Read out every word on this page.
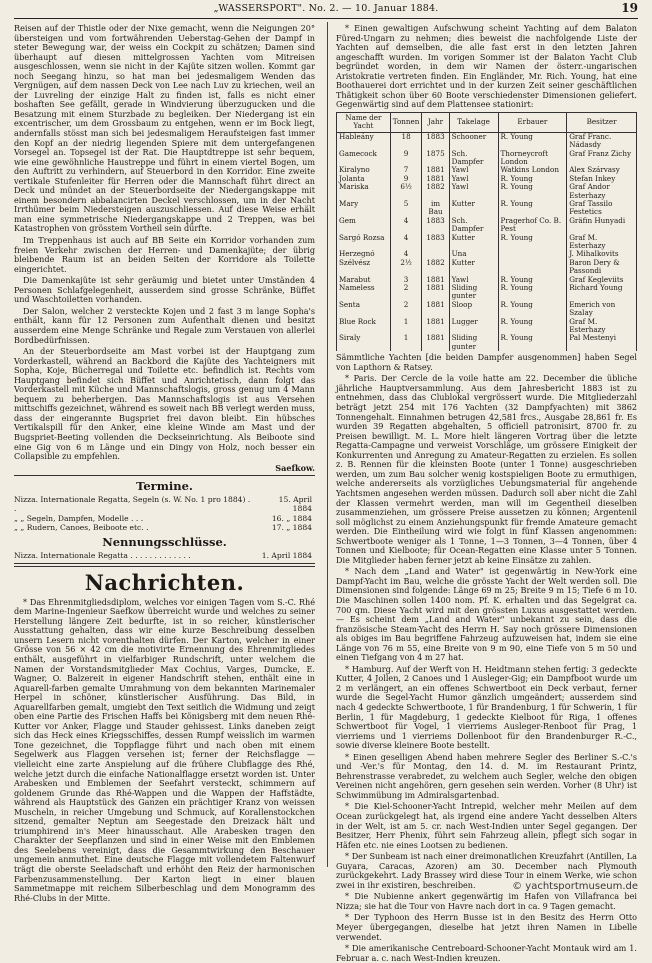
„WASSERSPORT". No. 2. — 10. Januar 1884.	19

Reisen auf der Thistle oder der Nixe gemacht, wenn die Neigungen 20° übersteigen und vom fortwährenden Ueberstag-Gehen der Dampf in steter Bewegung war, der weiss ein Cockpit zu schätzen; Damen sind überhaupt auf diesen mittelgrossen Yachten vom Mitreisen ausgeschlossen, wenn sie nicht in der Kajüte sitzen wollen. Kommt gar noch Seegang hinzu, so hat man bei jedesmaligem Wenden das Vergnügen, auf dem nassen Deck von Lee nach Luv zu kriechen, weil an der Luvreling der einzige Halt zu finden ist, falls es nicht einer boshaften See gefällt, gerade in Windvierung überzugucken und die Besatzung mit einem Sturzbade zu begleiken. Der Niedergang ist ein excentrischer, um dem Grossbaum zu entgehen, wenn er im Bock liegt, andernfalls stösst man sich bei jedesmaligem Heraufsteigen fast immer den Kopf an der niedrig liegenden Spiere mit dem untergefangenen Vorsegel an. Topsegel ist der Rat. Die Hauptdtreppe ist sehr bequem, wie eine gewöhnliche Haustreppe und führt in einem viertel Bogen, um den Auftritt zu verhindern, auf Steuerbord in den Korridor. Eine zweite vertikale Stufenleiter für Herren oder die Mannschaft führt direct an Deck und mündet an der Steuerbordseite der Niedergangskappe mit einem besondern abbalancirten Deckel verschlossen, um in der Nacht Irrthümer beim Niedersteigen auszuschliessen. Auf diese Weise erhält man eine symmetrische Niedergangskappe und 2 Treppen, was bei Katastrophen von grösstem Vortheil sein dürfte.

Im Treppenhaus ist auch auf BB Seite ein Korridor vorhanden zum freien Verkehr zwischen der Herren- und Damenkajüte; der übrig bleibende Raum ist an beiden Seiten der Korridore als Toilette eingerichtet.

Die Damenkajüte ist sehr geräumig und bietet unter Umständen 4 Personen Schlafgelegenheit, ausserdem sind grosse Schränke, Büffet und Waschtoiletten vorhanden.

Der Salon, welcher 2 versteckte Kojen und 2 fast 3 m lange Sopha's enthält, kann für 12 Personen zum Aufenthalt dienen und besitzt ausserdem eine Menge Schränke und Regale zum Verstauen von allerlei Bordbedürfnissen.

An der Steuerbordseite am Mast vorbei ist der Hauptgang zum Vorderkastell, während an Backbord die Kajüte des Yachteigners mit Sopha, Koje, Bücherregal und Toilette etc. befindlich ist. Rechts vom Hauptgang befindet sich Büffet und Anrichtetisch, dann folgt das Vorderkastell mit Küche und Mannschaftslogis, gross genug um 4 Mann bequem zu beherbergen. Das Mannschaftslogis ist aus Versehen mittschiffs gezeichnet, während es soweit nach BB verlegt werden muss, dass der eingerannte Bugspriet frei davon bleibt. Ein hübsches Vertikalspill für den Anker, eine kleine Winde am Mast und der Bugspriet-Beeting vollenden die Deckseinrichtung. Als Beiboote sind eine Gig von 6 m Länge und ein Dingy von Holz, noch besser ein Collapsible zu empfehlen.

Saefkow.

Termine.
Nizza. Internationale Regatta, Segeln (s. W. No. 1 pro 1884) . .	15. April 1884
„ „ Segeln, Dampfen, Modelle . . .	16. „ 1884
„ „ Rudern, Canoes, Beiboote etc. .	17. „ 1884
Nennungsschlüsse.
Nizza. Internationale Regatta . . . . . . . . . . . . .	1. April 1884
Nachrichten.

* Das Ehrenmitgliedsdiplom, welches vor einigen Tagen vom S.-C. Rhé dem Marine-Ingenieur Saefkow überreicht wurde und welches zu seiner Herstellung längere Zeit bedurfte, ist in so reicher, künstlerischer Ausstattung gehalten, dass wir eine kurze Beschreibung desselben unsern Lesern nicht vorenthalten dürfen. Der Karton, welcher in einer Grösse von 56 × 42 cm die motivirte Ernennung des Ehrenmitgliedes enthält, ausgeführt in vielfarbiger Rundschrift, unter welchem die Namen der Vorstandsmitglieder Max Cochius, Varges, Dumcke, E. Wagner, O. Balzereit in eigener Handschrift stehen, enthält eine in Aquarell-farben gemalte Umrahmung von dem bekannten Marinemaler Herpel in schöner, künstlerischer Ausführung. Das Bild, in Aquarellfarben gemalt, umgiebt den Text seitlich die Widmung und zeigt oben eine Partie des Frischen Haffs bei Königsberg mit dem neuen Rhé-Kutter vor Anker, Flagge und Stauder gehissest. Links daneben zeigt sich das Heck eines Kriegsschiffes, dessen Rumpf weisslich im warmen Tone gezeichnet, die Toppflagge führt und nach oben mit einem Segelwerk aus Flaggen versehen ist; ferner der Reichsflagge — vielleicht eine zarte Anspielung auf die frühere Clubflagge des Rhé, welche jetzt durch die einfache Nationalflagge ersetzt worden ist. Unter Arabesken und Emblemen der Seefahrt versteckt, schimmern auf goldenem Grunde das Rhé-Wappen und die Wappen der Haffstädte, während als Hauptstück des Ganzen ein prächtiger Kranz von weissen Muscheln, in reicher Umgebung und Schmuck, auf Korallenstockchen sitzend, gemalter Neptun am Seegestade den Dreizack hält und triumphirend in's Meer hinausschaut. Alle Arabesken tragen den Charakter der Seepflanzen und sind in einer Weise mit den Emblemen des Seelebens vereinigt, dass die Gesammtwirkung den Beschauer ungemein anmuthet. Eine deutsche Flagge mit vollendetem Faltenwurf trägt die oberste Seeladschaft und erhöht den Reiz der harmonischen Farbenzusammenstellung. Der Karton liegt in einer blauen Sammetmappe mit reichem Silberbeschlag und dem Monogramm des Rhé-Clubs in der Mitte.

* Einen gewaltigen Aufschwung scheint Yachting auf dem Balaton Füred-Ungarn zu nehmen; dies beweist die nachfolgende Liste der Yachten auf demselben, die alle fast erst in den letzten Jahren angeschafft wurden. Im vorigen Sommer ist der Balaton Yacht Club begründet worden, in dem wir Namen der österr.-ungarischen Aristokratie vertreten finden. Ein Engländer, Mr. Rich. Young, hat eine Boothauerei dort errichtet und in der kurzen Zeit seiner geschäftlichen Thätigkeit schon über 60 Boote verschiedenster Dimensionen geliefert. Gegenwärtig sind auf dem Plattensee stationirt:

Name der Yacht	Tonnen	Jahr	Takelage	Erbauer	Besitzer
Hableány	18	1883	Schooner	R. Young	Graf Franc. Nádasdy
Gamecock	9	1875	Sch. Dampfer	Thorneycroft London	Graf Franz Zichy
Kiralyno	7	1881	Yawl	Watkins London	Alex Szárvasy
Jolanta	9	1881	Yawl	R. Young	Stefan Inkey
Mariska	6½	1882	Yawl	R. Young	Graf Andor Esterhazy
Mary	5	im Bau	Kutter	R. Young	Graf Tassilo Festetics
Gem	4	1883	Sch. Dampfer	Pragerhof Co. B. Pest	Gräfin Hunyadi
Sargó Rozsa	4	1883	Kutter	R. Young	Graf M. Esterhazy
Herzegnó	4		Una		J. Mihalkovits
Szélvész	2½	1882	Kutter		Baron Dery & Passondi
Marabut	3	1881	Yawl	R. Young	Graf Kegleviits
Nameless	2	1881	Sliding gunter	R. Young	Richard Young
Senta	2	1881	Sloop	R. Young	Emerich von Szalay
Blue Rock	1	1881	Lugger	R. Young	Graf M. Esterhazy
Siraly	1	1881	Sliding gunter	R. Young	Pal Mestenyi

Sämmtliche Yachten [die beiden Dampfer ausgenommen] haben Segel von Lapthorn & Ratsey.

* Paris. Der Cercle de la voile hatte am 22. December die übliche jährliche Hauptversammlung. Aus dem Jahresbericht 1883 ist zu entnehmen, dass das Clublokal vergrössert wurde. Die Mitgliederzahl beträgt jetzt 254 mit 176 Yachten (32 Dampfyachten) mit 3862 Tonnengehalt. Einnahmen betrugen 42,581 frcs., Ausgabe 28,861 fr. Es wurden 39 Regatten abgehalten, 5 officiell patronisirt, 8700 fr. zu Preisen bewilligt. M. L. More hielt längeren Vortrag über die letzte Regatta-Campagne und verweist Vorschläge, um grössere Einigkeit der Konkurrenten und Anregung zu Amateur-Regatten zu erzielen. Es sollen z. B. Rennen für die kleinsten Boote (unter 1 Tonne) ausgeschrieben werden, um zum Bau solcher wenig kostspieligen Boote zu ermuthigen, welche andererseits als vorzügliches Uebungsmaterial für angehende Yachtsmen angesehen werden müssen. Dadurch soll aber nicht die Zahl der Klassen vermehrt werden, man will im Gegentheil dieselben zusammenziehen, um grössere Preise aussetzen zu können; Argentenil soll möglichst zu einem Anziehungspunkt für fremde Amateure gemacht werden. Die Eintheilung wird wie folgt in fünf Klassen angenommen: Schwertboote weniger als 1 Tonne, 1—3 Tonnen, 3—4 Tonnen, über 4 Tonnen und Kielboote; für Ocean-Regatten eine Klasse unter 5 Tonnen. Die Mitglieder haben ferner jetzt ab keine Einsätze zu zahlen.

* Nach dem „Land and Water" ist gegenwärtig in New-York eine Dampf-Yacht im Bau, welche die grösste Yacht der Welt werden soll. Die Dimensionen sind folgende: Länge 69 m 25; Breite 9 m 15; Tiefe 6 m 10. Die Maschinen sollen 1400 nom. Pf. K. erhalten und das Segelgrat ca. 700 qm. Diese Yacht wird mit den grössten Luxus ausgestattet werden. — Es scheint dem „Land and Water" unbekannt zu sein, dass die französische Steam-Yacht des Herrn H. Say noch grössere Dimensionen als obiges im Bau begriffene Fahrzeug aufzuweisen hat, indem sie eine Länge von 76 m 55, eine Breite von 9 m 90, eine Tiefe von 5 m 50 und einen Tiefgang von 4 m 27 hat.

* Hamburg. Auf der Werft von H. Heidtmann stehen fertig: 3 gedeckte Kutter, 4 Jollen, 2 Canoes und 1 Ausleger-Gig; ein Dampfboot wurde um 2 m verlängert, an ein offenes Schwertboot ein Deck verbaut, ferner wurde die Segel-Yacht Humor gänzlich umgeändert; ausserdem sind nach 4 gedeckte Schwertboote, 1 für Brandenburg, 1 für Schwerin, 1 für Berlin, 1 für Magdeburg, 1 gedeckte Kielboot für Riga, 1 offenes Schwertboot für Vogel, 1 vierriems Ausleger-Renboot für Prag, 1 vierriems und 1 vierriems Dollenboot für den Brandenburger R.-C., sowie diverse kleinere Boote bestellt.

* Einen geselligen Abend haben mehrere Segler des Berliner S.-C.'s und -Ver.'s für Montag, den 14. d. M. im Restaurant Printz, Behrenstrasse verabredet, zu welchem auch Segler, welche den obigen Vereinen nicht angehören, gern gesehen sein werden. Vorher (8 Uhr) ist Schwimmübung im Admiralsgartenbad.

* Die Kiel-Schooner-Yacht Intrepid, welcher mehr Meilen auf dem Ocean zurückgelegt hat, als irgend eine andere Yacht desselben Alters in der Welt, ist am 5. cr. nach West-Indien unter Segel gegangen. Der Besitzer, Herr Phenix, führt sein Fahrzeug allein, pflegt sich sogar in Häfen etc. nie eines Lootsen zu bedienen.

* Der Sunbeam ist nach einer dreimonatlichen Kreuzfahrt (Antillen, La Guyara, Caracas, Azoren) am 30. December nach Plymouth zurückgekehrt. Lady Brassey wird diese Tour in einem Werke, wie schon zwei in ihr existiren, beschreiben.

* Die Nubienne ankert gegenwärtig im Hafen von Villafranca bei Nizza; sie hat die Tour von Havre nach dort in ca. 9 Tagen gemacht.

* Der Typhoon des Herrn Busse ist in den Besitz des Herrn Otto Meyer übergegangen, dieselbe hat jetzt ihren Namen in Libelle verwendet.

* Die amerikanische Centreboard-Schooner-Yacht Montauk wird am 1. Februar a. c. nach West-Indien kreuzen.

© yachtsportmuseum.de
